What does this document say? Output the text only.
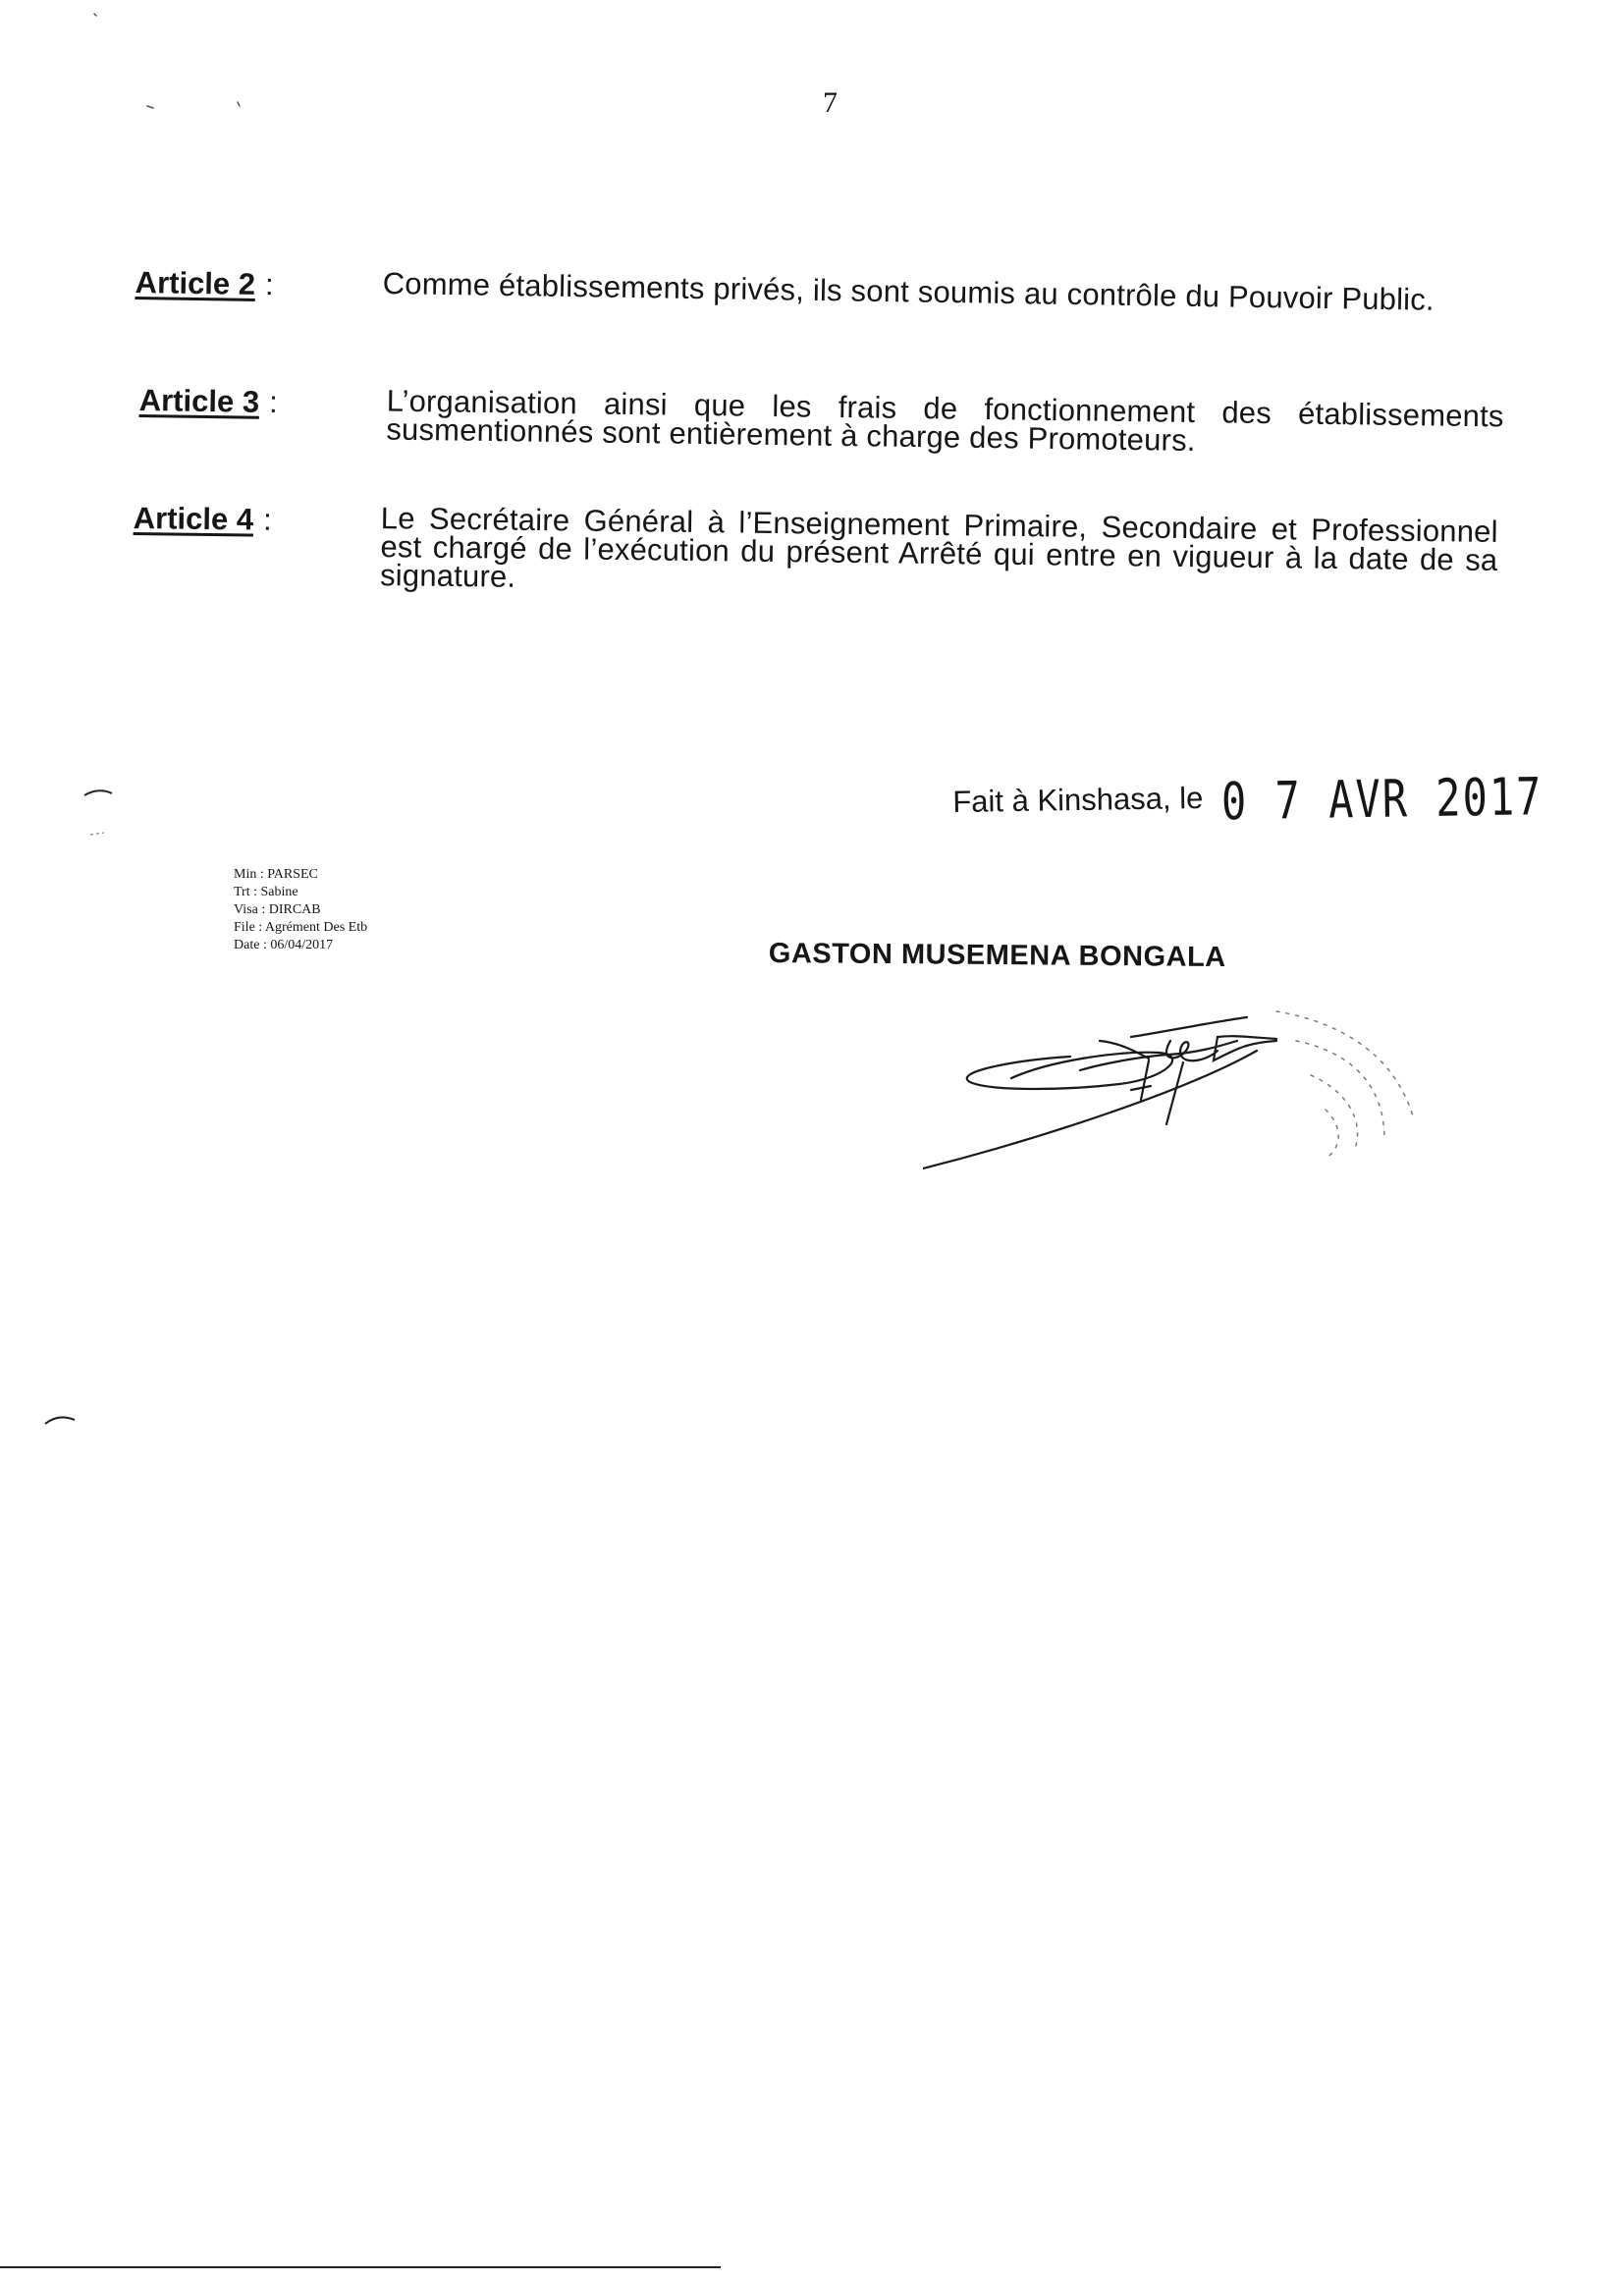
7
Article 2 :	Comme établissements privés, ils sont soumis au contrôle du Pouvoir Public.
Article 3 :	L’organisation ainsi que les frais de fonctionnement des établissements susmentionnés sont entièrement à charge des Promoteurs.
Article 4 :	Le Secrétaire Général à l’Enseignement Primaire, Secondaire et Professionnel est chargé de l’exécution du présent Arrêté qui entre en vigueur à la date de sa signature.
Fait à Kinshasa, le 0 7 AVR 2017
Min : PARSEC
Trt : Sabine
Visa : DIRCAB
File : Agrément Des Etb
Date : 06/04/2017	GASTON MUSEMENA BONGALA
